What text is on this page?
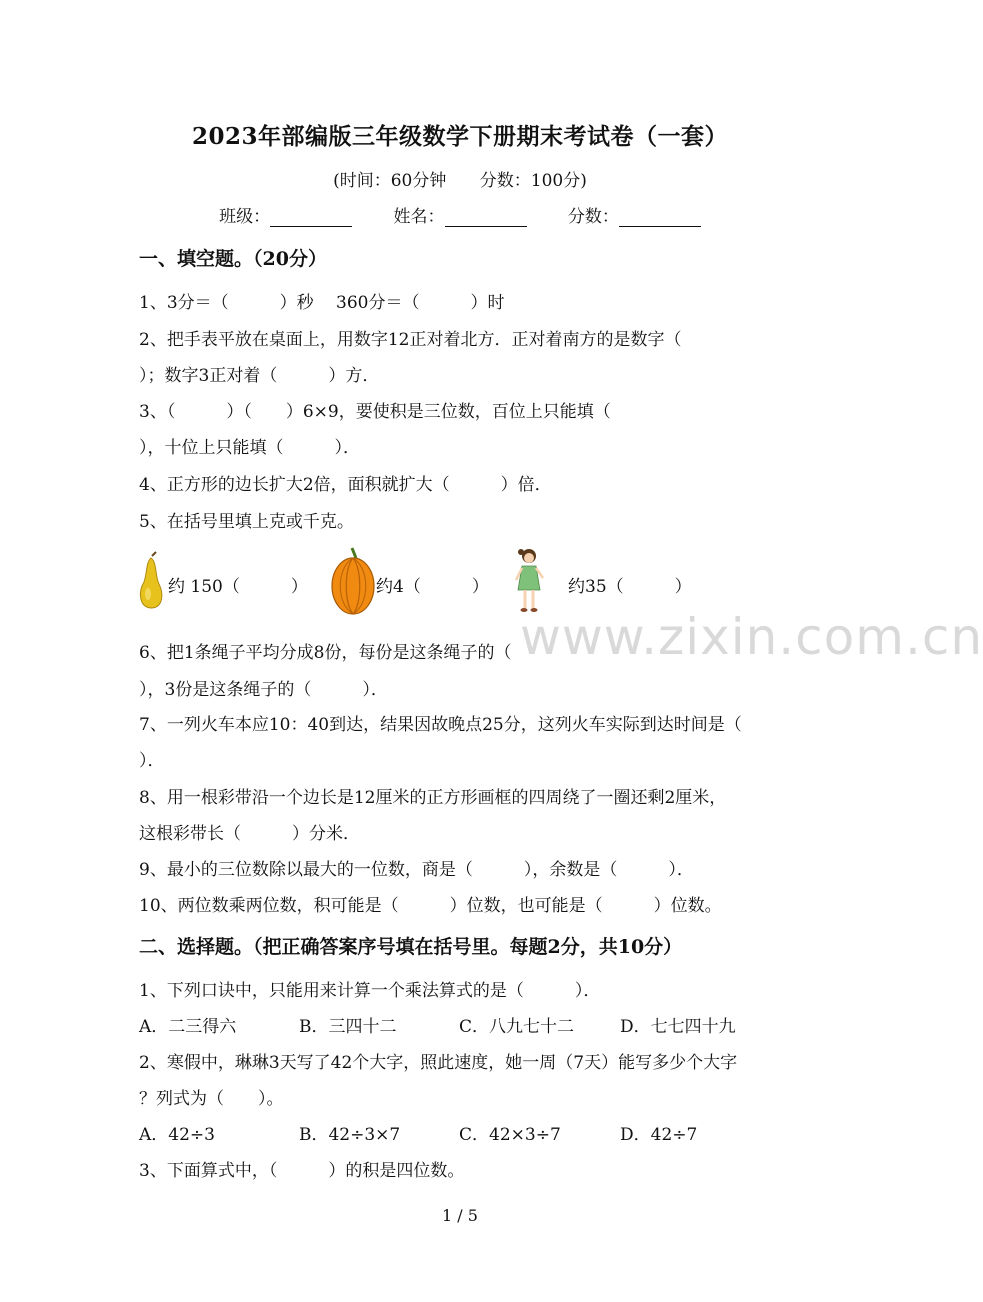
2023年部编版三年级数学下册期末考试卷（一套）
(时间：60分钟 分数：100分)
班级：	姓名：	分数：
一、填空题。（20分）
1、3分＝（　　　）秒　 360分＝（　　　）时
2、把手表平放在桌面上，用数字12正对着北方．正对着南方的是数字（
）；数字3正对着（　　　）方．
3、（　　　）（　　）6×9，要使积是三位数，百位上只能填（
），十位上只能填（　　　）．
4、正方形的边长扩大2倍，面积就扩大（　　　）倍．
5、在括号里填上克或千克。
约 150（　　　）	约4（　　　）	约35（　　　）
www.zixin.com.cn
6、把1条绳子平均分成8份，每份是这条绳子的（
），3份是这条绳子的（　　　）．
7、一列火车本应10：40到达，结果因故晚点25分，这列火车实际到达时间是（
）．
8、用一根彩带沿一个边长是12厘米的正方形画框的四周绕了一圈还剩2厘米，
这根彩带长（　　　）分米．
9、最小的三位数除以最大的一位数，商是（　　　），余数是（　　　）．
10、两位数乘两位数，积可能是（　　　）位数，也可能是（　　　）位数。
二、选择题。（把正确答案序号填在括号里。每题2分，共10分）
1、下列口诀中，只能用来计算一个乘法算式的是（　　　）．
A．二三得六	B．三四十二	C．八九七十二	D．七七四十九
2、寒假中，琳琳3天写了42个大字，照此速度，她一周（7天）能写多少个大字
？列式为（　　）。
A．42÷3	B．42÷3×7	C．42×3÷7	D．42÷7
3、下面算式中，（　　　）的积是四位数。
1 / 5
